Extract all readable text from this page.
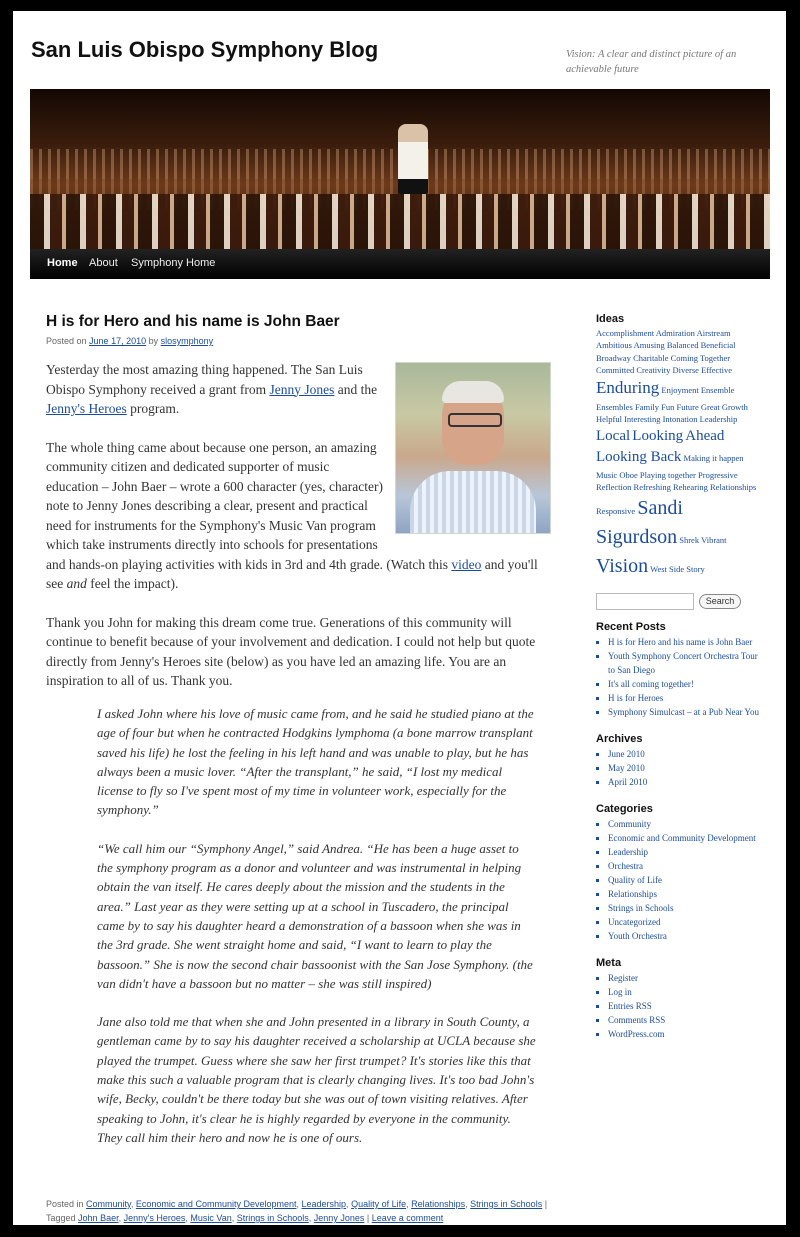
San Luis Obispo Symphony Blog	Vision: A clear and distinct picture of an achievable future
Home About Symphony Home
H is for Hero and his name is John Baer
Posted on June 17, 2010 by slosymphony

Yesterday the most amazing thing happened. The San Luis Obispo Symphony received a grant from Jenny Jones and the Jenny's Heroes program.

The whole thing came about because one person, an amazing community citizen and dedicated supporter of music education – John Baer – wrote a 600 character (yes, character) note to Jenny Jones describing a clear, present and practical need for instruments for the Symphony's Music Van program which take instruments directly into schools for presentations and hands-on playing activities with kids in 3rd and 4th grade. (Watch this video and you'll see and feel the impact).

Thank you John for making this dream come true. Generations of this community will continue to benefit because of your involvement and dedication. I could not help but quote directly from Jenny's Heroes site (below) as you have led an amazing life. You are an inspiration to all of us. Thank you.

I asked John where his love of music came from, and he said he studied piano at the age of four but when he contracted Hodgkins lymphoma (a bone marrow transplant saved his life) he lost the feeling in his left hand and was unable to play, but he has always been a music lover. “After the transplant,” he said, “I lost my medical license to fly so I've spent most of my time in volunteer work, especially for the symphony.”

“We call him our “Symphony Angel,” said Andrea. “He has been a huge asset to the symphony program as a donor and volunteer and was instrumental in helping obtain the van itself. He cares deeply about the mission and the students in the area.” Last year as they were setting up at a school in Tuscadero, the principal came by to say his daughter heard a demonstration of a bassoon when she was in the 3rd grade. She went straight home and said, “I want to learn to play the bassoon.” She is now the second chair bassoonist with the San Jose Symphony. (the van didn't have a bassoon but no matter – she was still inspired)

Jane also told me that when she and John presented in a library in South County, a gentleman came by to say his daughter received a scholarship at UCLA because she played the trumpet. Guess where she saw her first trumpet? It's stories like this that make this such a valuable program that is clearly changing lives. It's too bad John's wife, Becky, couldn't be there today but she was out of town visiting relatives. After speaking to John, it's clear he is highly regarded by everyone in the community. They call him their hero and now he is one of ours.

Posted in Community, Economic and Community Development, Leadership, Quality of Life, Relationships, Strings in Schools | Tagged John Baer, Jenny's Heroes, Music Van, Strings in Schools, Jenny Jones | Leave a comment
Ideas
Accomplishment Admiration Airstream Ambitious Amusing Balanced Beneficial Broadway Charitable Coming Together Committed Creativity Diverse Effective Enduring Enjoyment Ensemble Ensembles Family Fun Future Great Growth Helpful Interesting Intonation Leadership Local Looking Ahead Looking Back Making it happen Music Oboe Playing together Progressive Reflection Refreshing Rehearing Relationships Responsive Sandi Sigurdson Shrek Vibrant Vision West Side Story
Search
Recent Posts
▪ H is for Hero and his name is John Baer
▪ Youth Symphony Concert Orchestra Tour to San Diego
▪ It's all coming together!
▪ H is for Heroes
▪ Symphony Simulcast – at a Pub Near You
Archives
▪ June 2010
▪ May 2010
▪ April 2010
Categories
▪ Community
▪ Economic and Community Development
▪ Leadership
▪ Orchestra
▪ Quality of Life
▪ Relationships
▪ Strings in Schools
▪ Uncategorized
▪ Youth Orchestra
Meta
▪ Register
▪ Log in
▪ Entries RSS
▪ Comments RSS
▪ WordPress.com
